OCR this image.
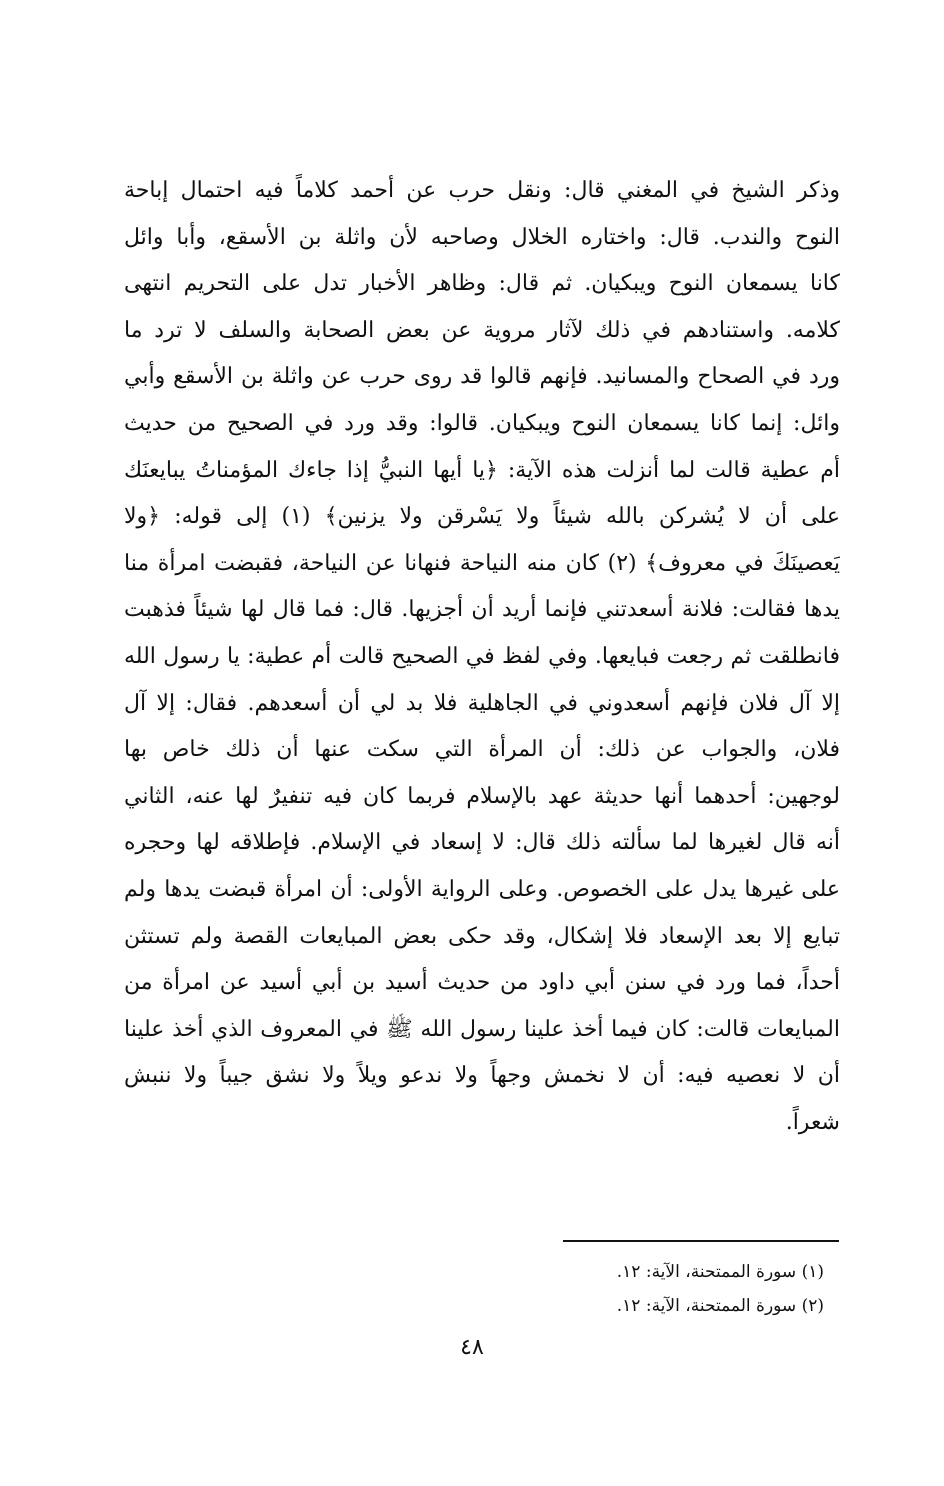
وذكر الشيخ في المغني قال: ونقل حرب عن أحمد كلاماً فيه احتمال إباحة
النوح والندب. قال: واختاره الخلال وصاحبه لأن واثلة بن الأسقع، وأبا وائل
كانا يسمعان النوح ويبكيان. ثم قال: وظاهر الأخبار تدل على التحريم انتهى
كلامه. واستنادهم في ذلك لآثار مروية عن بعض الصحابة والسلف لا ترد ما
ورد في الصحاح والمسانيد. فإنهم قالوا قد روى حرب عن واثلة بن الأسقع وأبي
وائل: إنما كانا يسمعان النوح ويبكيان. قالوا: وقد ورد في الصحيح من حديث
أم عطية قالت لما أنزلت هذه الآية: ﴿يا أيها النبيُّ إذا جاءك المؤمناتُ يبايعنَك
على أن لا يُشركن بالله شيئاً ولا يَسْرقن ولا يزنين﴾ (١) إلى قوله: ﴿ولا
يَعصينَكَ في معروف﴾ (٢) كان منه النياحة فنهانا عن النياحة، فقبضت امرأة منا
يدها فقالت: فلانة أسعدتني فإنما أريد أن أجزيها. قال: فما قال لها شيئاً فذهبت
فانطلقت ثم رجعت فبايعها. وفي لفظ في الصحيح قالت أم عطية: يا رسول الله
إلا آل فلان فإنهم أسعدوني في الجاهلية فلا بد لي أن أسعدهم. فقال: إلا آل
فلان، والجواب عن ذلك: أن المرأة التي سكت عنها أن ذلك خاص بها
لوجهين: أحدهما أنها حديثة عهد بالإسلام فربما كان فيه تنفيرٌ لها عنه، الثاني
أنه قال لغيرها لما سألته ذلك قال: لا إسعاد في الإسلام. فإطلاقه لها وحجره
على غيرها يدل على الخصوص. وعلى الرواية الأولى: أن امرأة قبضت يدها ولم
تبايع إلا بعد الإسعاد فلا إشكال، وقد حكى بعض المبايعات القصة ولم تستثن
أحداً، فما ورد في سنن أبي داود من حديث أسيد بن أبي أسيد عن امرأة من
المبايعات قالت: كان فيما أخذ علينا رسول الله ﷺ في المعروف الذي أخذ علينا
أن لا نعصيه فيه: أن لا نخمش وجهاً ولا ندعو ويلاً ولا نشق جيباً ولا ننبش
شعراً.
(١) سورة الممتحنة، الآية: ١٢.
(٢) سورة الممتحنة، الآية: ١٢.
٤٨
